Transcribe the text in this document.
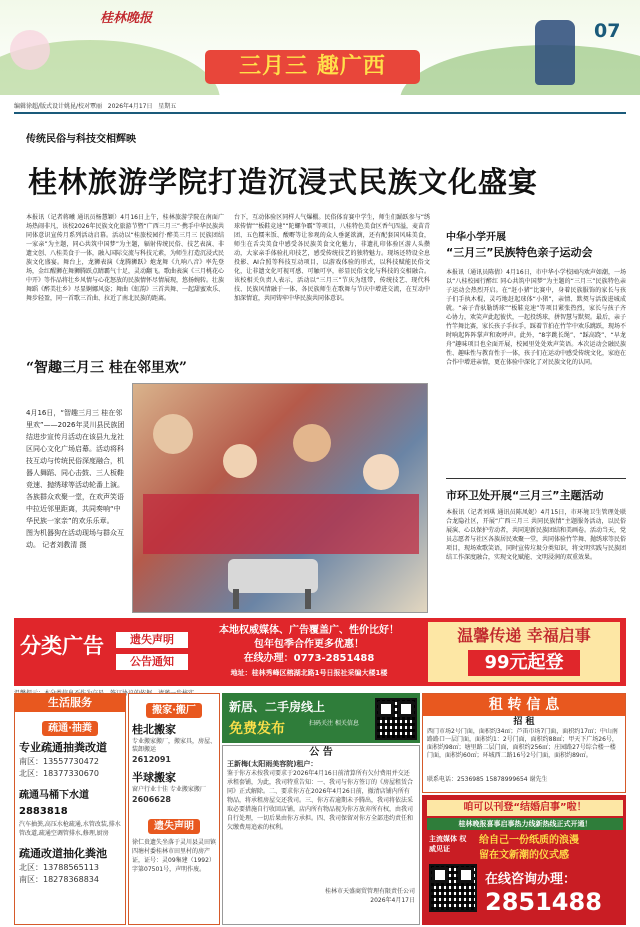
桂林晚报
三月三 趣广西
07
编辑徐超/版式设计姚昆/校对覃丽 2026年4月17日 星期五
传统民俗与科技交相辉映
桂林旅游学院打造沉浸式民族文化盛宴
本报讯（记者蒋曦 通讯员杨慧颖）4月16日上午，桂林旅游学院在南面广场热闹非凡，该校2026年民族文化旅游节暨“广西三月三”·携手中华民族共同体意识宣传月系列活动启幕。活动以“桂旅校园行·醉美三月三 民族团结一家亲”为主题，同心共筑中国梦”为主题，辐射传统民俗、技艺表演、非遗文创、八桂美食于一体，融入国际交流与科技元素，为师生打造沉浸式民族文化盛宴。舞台上，龙狮表演《龙腾狮跃》炮龙舞《九响八音》率先登场，金红醒狮在舞狮腾跃点睛霸气十足，灵动翻飞。歌曲表演《三月桃花心中开》等作品将壮乡风情与心花怒放的民族情怀尽情展现，悠扬婉转。壮族舞蹈《醉美壮乡》尽显婀娜风姿；舞曲《虹韵》三首共舞、一起甜蜜欢乐、舞步轻盈，同一首歌三首曲、拉近了南北民族的距离。
台下，互动体验区同样人气爆棚。民俗体育赛中学生，师生们踊跃参与“绣球传情”“板鞋竞速”“陀螺争霸”等项目，八桂特色美食区香气四溢，麦苗青团、五色糯米饭、酸嘢等让参观的众人垂涎欲滴，还有配套国风味美食，师生在舌尖美食中感受各民族美食文化魅力，非遗扎印体验区游人头攒动，大家亲手体验扎印技艺，感受传统技艺的独特魅力。现场还特设全息投影、AI合照等科技互动项目，以游戏体验的形式，以科技赋能民俗文化，让非遗文化可视可感、可触可享，彰显民俗文化与科技的交相融合。该校相关负责人表示，活动以“三月三”节庆为纽带，传统技艺、现代科技、民族风情融于一体，各民族师生在歌舞与节庆中增进交流，在互动中加深情谊，共同铸牢中华民族共同体意识。
“智趣三月三 桂在邻里欢”
4月16日，“智趣三月三 桂在邻里欢”——2026年灵川县民族团结进步宣传月活动在该县九龙社区同心文化广场启幕。活动将科技互动与传统民俗深度融合，机器人舞蹈、同心击鼓、三人板鞋竞速、抛绣球等活动轮番上演。各族群众欢聚一堂，在欢声笑语中拉近邻里距离，共同奏响“中华民族一家亲”的欢乐乐章。
图为机器狗在活动现场与群众互动。 记者刘教清 摄
中华小学开展
“三月三”民族特色亲子运动会
本报讯（通讯员陈倩）4月16日，市中华小学校园内欢声如潮，一场以“八桂校园行醉红 同心共筑中国梦”为主题的“三月三”民族特色亲子运动会热烈开启。在“赶小猪”比赛中，身着民族服饰的家长与孩子们手执木棍，灵巧地赶起球体“小猪”，亲情、默契与活泼进城成就。“亲子背驮勒绣球”“板鞋竞速”等项目紧张热烈，家长与孩子齐心协力，欢笑声此起彼伏，一起投绣球，拼智慧与默契。最后，亲子竹竿舞比赛，家长孩子手拉手，踩着节拍在竹竿中欢乐跳跃，现场不时响起阵阵掌声和欢呼声。此外，“8字跳长绳”、“踩高跷”、“早龙舟”趣味项目也全面开展，校园里处处欢声笑语。本次运动会融民族性、趣味性与教育性于一体，孩子们在运动中感受传统文化，家庭在合作中增进亲情，更在体验中深化了对民族文化的认同。
市环卫处开展“三月三”主题活动
本报讯（记者刘琪 通讯员陈凤妮）4月15日，市环境卫生管理处联合龙隐社区，开展“广西三月三 共同民族情”主题服务活动，以民俗展演、心以保护劳动者，共同迎新民族团结和美画卷。活动当天，党员志愿者与社区各族居民欢聚一堂，共同体验竹竿舞、抛绣球等民俗项目，现场欢歌笑语，同时宣传垃圾分类知识，将文明实践与民族团结工作深度融合，实现文化赋能、文明浸润的双重效果。
分类广告	遗失声明
公告通知
本地权威媒体、广告覆盖广、性价比好！
包年包季合作更多优惠！
在线办理：0773-2851488
地址：桂林秀峰区榕湖北路1号日报社采编大楼1楼
温馨传递 幸福启事
99元起登
生活服务
疏通·抽粪
专业疏通抽粪改道
南区：13557730472
北区：18377330670
疏通马桶下水道 2883818
汽车抽粪,高压水枪疏通,水管改装,排水管改道,疏通空调管排水,修理,厨房
疏通改道抽化粪池
北区：13788565113
南区：18278368834
搬家·搬厂
桂北搬家
专业搬家搬厂，搬家具，房屋、装卸搬运
2612091
半球搬家
窗户行业十佳 专业搬家搬厂
2606628
遗失声明
徐仁贵遗失坐落于灵川县灵田镇四塘村委桂林市田里村的房产证，证号：灵09集建（1992）字第07501号，声明作废。
新居、二手房线上
免费发布	扫码关注 相关信息
公 告
王新梅(太阳雨美容院)租户：
鉴于你方未按我司要求于2026年4月16日前清算所有欠付费用并交还承租套铺，为此，我司特重告知：一、我司与你方签订的《房屋租赁合同》正式解除。二、要求你方在2026年4月26日前，撤清店铺内所有物品，将承租房屋交还我司。三、你方若逾期未予腾出，我司将依法采取必要措施自行收回店铺，店内所有物品视为你方放弃所有权，由我司自行处理，一切后果由你方承担。四、我司保留对你方全部违约责任和欠缴费用追索的权利。
桂林市天盛商贸管理有限责任公司
2026年4月17日
租 转 信 息
招 租
西门市场2号门面，面积约34㎡；芦笛市场7门面，面积约17㎡；中山南路路口一层门面，面积约1：2号门面，面积约88㎡；甲天下广场26号，面积约98㎡；塘里路二层门面，面积约256㎡；庄园路27号综合楼一楼门面，面积约60㎡；环城西二路16号2号门面，面积约89㎡。
联系电话：2536985 15878999654 谢先生
咱可以刊登“结婚启事”啦！
桂林晚报喜事启事热力线新热线正式开通！
主流媒体 权威见证
给自己一份纸质的浪漫
留在文新潮的仪式感
在线咨询办理：
2851488
